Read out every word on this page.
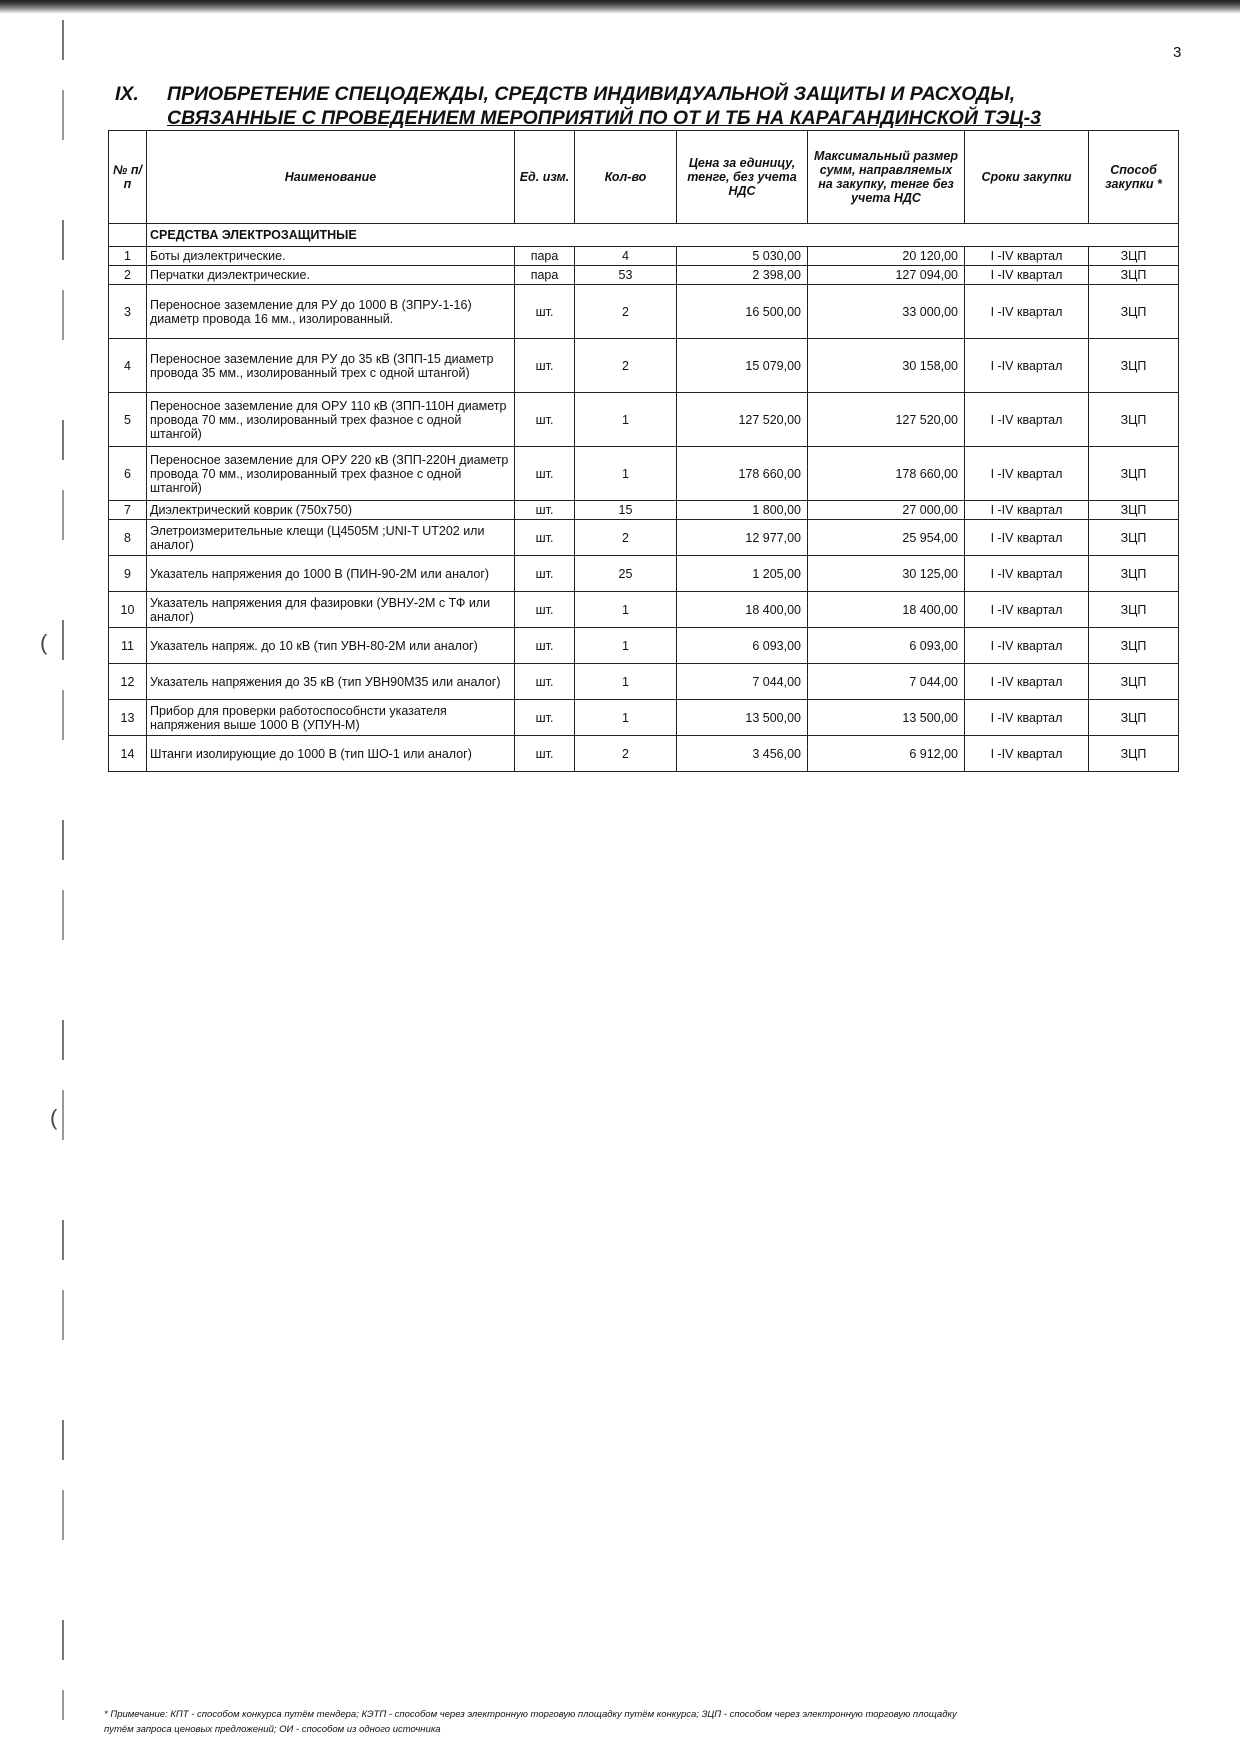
(
(
3
IX. ПРИОБРЕТЕНИЕ СПЕЦОДЕЖДЫ, СРЕДСТВ ИНДИВИДУАЛЬНОЙ ЗАЩИТЫ И РАСХОДЫ,
СВЯЗАННЫЕ С ПРОВЕДЕНИЕМ МЕРОПРИЯТИЙ ПО ОТ И ТБ НА КАРАГАНДИНСКОЙ ТЭЦ-3
№ п/п	Наименование	Ед. изм.	Кол-во	Цена за единицу, тенге, без учета НДС	Максимальный размер сумм, направляемых на закупку, тенге без учета НДС	Сроки закупки	Способ закупки *
	СРЕДСТВА ЭЛЕКТРОЗАЩИТНЫЕ						
1	Боты диэлектрические.	пара	4	5 030,00	20 120,00	I -IV квартал	ЗЦП
2	Перчатки диэлектрические.	пара	53	2 398,00	127 094,00	I -IV квартал	ЗЦП
3	Переносное заземление для РУ до 1000 В (ЗПРУ-1-16) диаметр провода 16 мм., изолированный.	шт.	2	16 500,00	33 000,00	I -IV квартал	ЗЦП
4	Переносное заземление для РУ до 35 кВ (ЗПП-15 диаметр провода 35 мм., изолированный трех с одной штангой)	шт.	2	15 079,00	30 158,00	I -IV квартал	ЗЦП
5	Переносное заземление для ОРУ 110 кВ (ЗПП-110Н диаметр провода 70 мм., изолированный трех фазное с одной штангой)	шт.	1	127 520,00	127 520,00	I -IV квартал	ЗЦП
6	Переносное заземление для ОРУ 220 кВ (ЗПП-220Н диаметр провода 70 мм., изолированный трех фазное с одной штангой)	шт.	1	178 660,00	178 660,00	I -IV квартал	ЗЦП
7	Диэлектрический коврик (750х750)	шт.	15	1 800,00	27 000,00	I -IV квартал	ЗЦП
8	Элетроизмерительные клещи (Ц4505М ;UNI-T UT202 или аналог)	шт.	2	12 977,00	25 954,00	I -IV квартал	ЗЦП
9	Указатель напряжения до 1000 В (ПИН-90-2М или аналог)	шт.	25	1 205,00	30 125,00	I -IV квартал	ЗЦП
10	Указатель напряжения для фазировки (УВНУ-2М с ТФ или аналог)	шт.	1	18 400,00	18 400,00	I -IV квартал	ЗЦП
11	Указатель напряж. до 10 кВ (тип УВН-80-2М или аналог)	шт.	1	6 093,00	6 093,00	I -IV квартал	ЗЦП
12	Указатель напряжения до 35 кВ (тип УВН90М35 или аналог)	шт.	1	7 044,00	7 044,00	I -IV квартал	ЗЦП
13	Прибор для проверки работоспособнсти указателя напряжения выше 1000 В (УПУН-М)	шт.	1	13 500,00	13 500,00	I -IV квартал	ЗЦП
14	Штанги изолирующие до 1000 В (тип ШО-1 или аналог)	шт.	2	3 456,00	6 912,00	I -IV квартал	ЗЦП
* Примечание: КПТ - способом конкурса путём тендера; КЭТП - способом через электронную торговую площадку путём конкурса; ЗЦП - способом через электронную торговую площадку
путём запроса ценовых предложений; ОИ - способом из одного источника
